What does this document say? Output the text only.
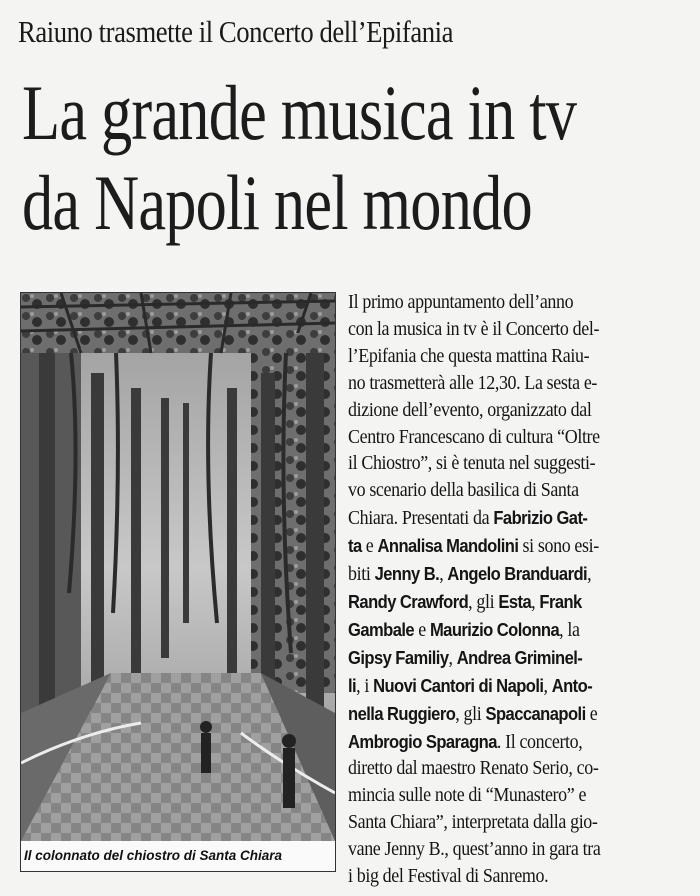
Raiuno trasmette il Concerto dell’Epifania
La grande musica in tv
da Napoli nel mondo
Il colonnato del chiostro di Santa Chiara
Il primo appuntamento dell’anno
con la musica in tv è il Concerto del-
l’Epifania che questa mattina Raiu-
no trasmetterà alle 12,30. La sesta e-
dizione dell’evento, organizzato dal
Centro Francescano di cultura “Oltre
il Chiostro”, si è tenuta nel suggesti-
vo scenario della basilica di Santa
Chiara. Presentati da Fabrizio Gat-
ta e Annalisa Mandolini si sono esi-
biti Jenny B., Angelo Branduardi,
Randy Crawford, gli Esta, Frank
Gambale e Maurizio Colonna, la
Gipsy Familiy, Andrea Griminel-
li, i Nuovi Cantori di Napoli, Anto-
nella Ruggiero, gli Spaccanapoli e
Ambrogio Sparagna. Il concerto,
diretto dal maestro Renato Serio, co-
mincia sulle note di “Munastero” e
Santa Chiara”, interpretata dalla gio-
vane Jenny B., quest’anno in gara tra
i big del Festival di Sanremo.
